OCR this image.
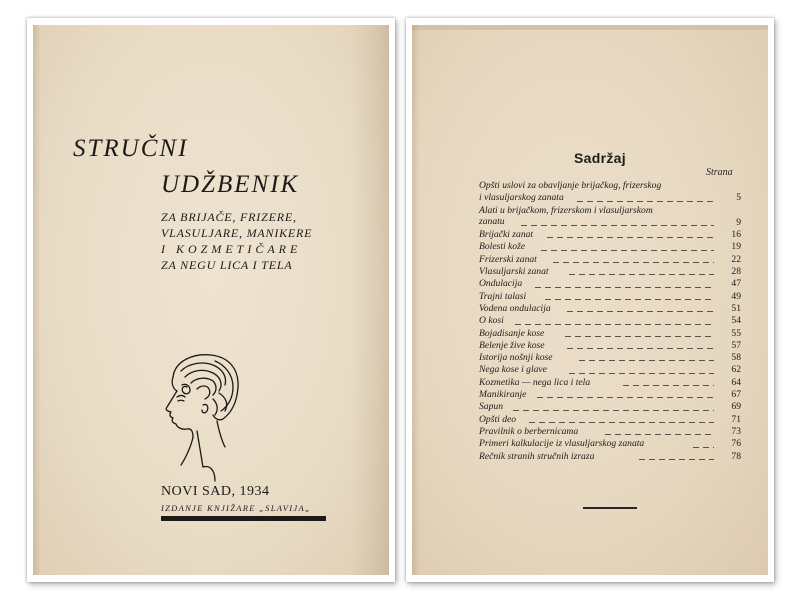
STRUČNI
UDŽBENIK
ZA BRIJAČE, FRIZERE,
VLASULJARE, MANIKERE
I KOZMETIČARE
ZA NEGU LICA I TELA
NOVI SAD, 1934
IZDANJE KNJIŽARE „SLAVIJA„
Sadržaj
Strana
Opšti uslovi za obavljanje brijačkog, frizerskog
i vlasuljarskog zanata	5
Alati u brijačkom, frizerskom i vlasuljarskom
zanatu	9
Brijački zanat	16
Bolesti kože	19
Frizerski zanat	22
Vlasuljarski zanat	28
Ondulacija	47
Trajni talasi	49
Vodena ondulacija	51
O kosi	54
Bojadisanje kose	55
Belenje žive kose	57
Istorija nošnji kose	58
Nega kose i glave	62
Kozmetika — nega lica i tela	64
Manikiranje	67
Sapun	69
Opšti deo	71
Pravilnik o berbernicama	73
Primeri kalkulacije iz vlasuljarskog zanata	76
Rečnik stranih stručnih izraza	78
